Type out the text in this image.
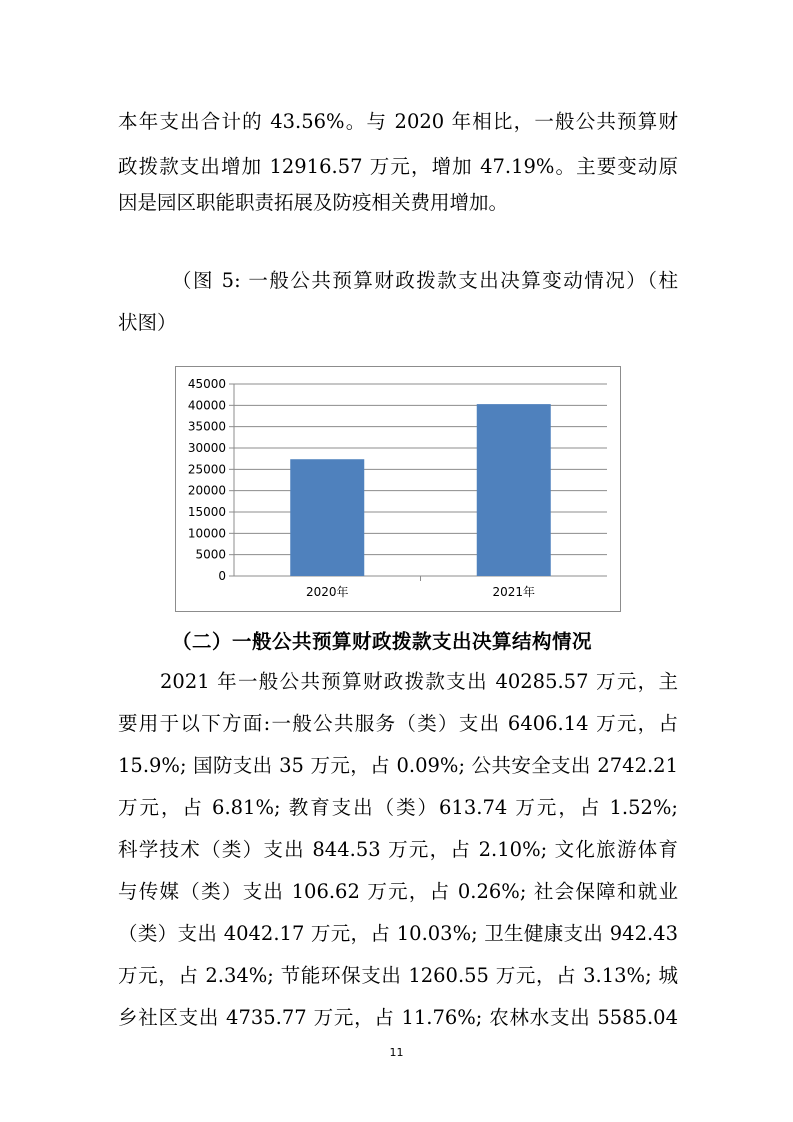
本年支出合计的 43.56%。与 2020 年相比，一般公共预算财
政拨款支出增加 12916.57 万元，增加 47.19%。主要变动原
因是园区职能职责拓展及防疫相关费用增加。
（图 5: 一般公共预算财政拨款支出决算变动情况）（柱
状图）
0
5000
10000
15000
20000
25000
30000
35000
40000
45000
2020年	2021年
（二）一般公共预算财政拨款支出决算结构情况
2021 年一般公共预算财政拨款支出 40285.57 万元，主
要用于以下方面:一般公共服务（类）支出 6406.14 万元，占
15.9%; 国防支出 35 万元，占 0.09%; 公共安全支出 2742.21
万元，占 6.81%; 教育支出（类）613.74 万元，占 1.52%;
科学技术（类）支出 844.53 万元，占 2.10%; 文化旅游体育
与传媒（类）支出 106.62 万元，占 0.26%; 社会保障和就业
（类）支出 4042.17 万元，占 10.03%; 卫生健康支出 942.43
万元，占 2.34%; 节能环保支出 1260.55 万元，占 3.13%; 城
乡社区支出 4735.77 万元，占 11.76%; 农林水支出 5585.04
11
